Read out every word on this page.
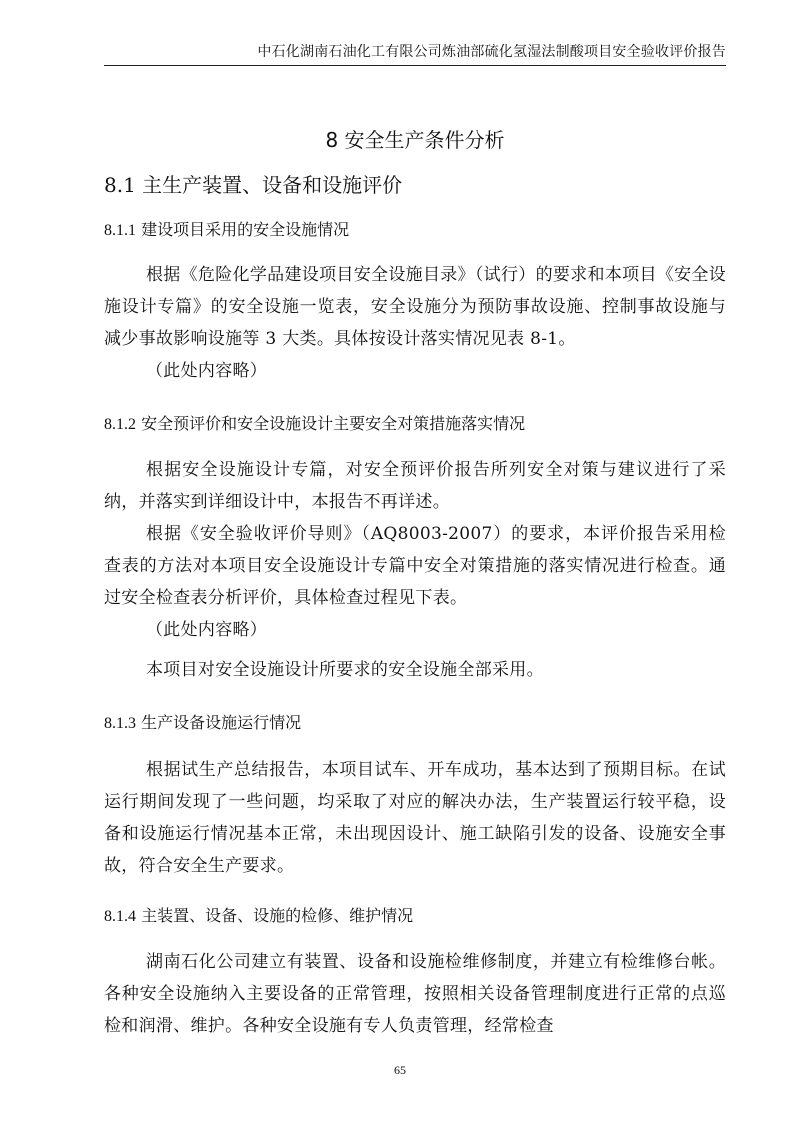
中石化湖南石油化工有限公司炼油部硫化氢湿法制酸项目安全验收评价报告
8 安全生产条件分析
8.1 主生产装置、设备和设施评价
8.1.1 建设项目采用的安全设施情况
根据《危险化学品建设项目安全设施目录》（试行）的要求和本项目《安全设施设计专篇》的安全设施一览表，安全设施分为预防事故设施、控制事故设施与减少事故影响设施等 3 大类。具体按设计落实情况见表 8-1。
（此处内容略）
8.1.2 安全预评价和安全设施设计主要安全对策措施落实情况
根据安全设施设计专篇，对安全预评价报告所列安全对策与建议进行了采纳，并落实到详细设计中，本报告不再详述。
根据《安全验收评价导则》（AQ8003-2007）的要求，本评价报告采用检查表的方法对本项目安全设施设计专篇中安全对策措施的落实情况进行检查。通过安全检查表分析评价，具体检查过程见下表。
（此处内容略）
本项目对安全设施设计所要求的安全设施全部采用。
8.1.3 生产设备设施运行情况
根据试生产总结报告，本项目试车、开车成功，基本达到了预期目标。在试运行期间发现了一些问题，均采取了对应的解决办法，生产装置运行较平稳，设备和设施运行情况基本正常，未出现因设计、施工缺陷引发的设备、设施安全事故，符合安全生产要求。
8.1.4 主装置、设备、设施的检修、维护情况
湖南石化公司建立有装置、设备和设施检维修制度，并建立有检维修台帐。各种安全设施纳入主要设备的正常管理，按照相关设备管理制度进行正常的点巡检和润滑、维护。各种安全设施有专人负责管理，经常检查
65
